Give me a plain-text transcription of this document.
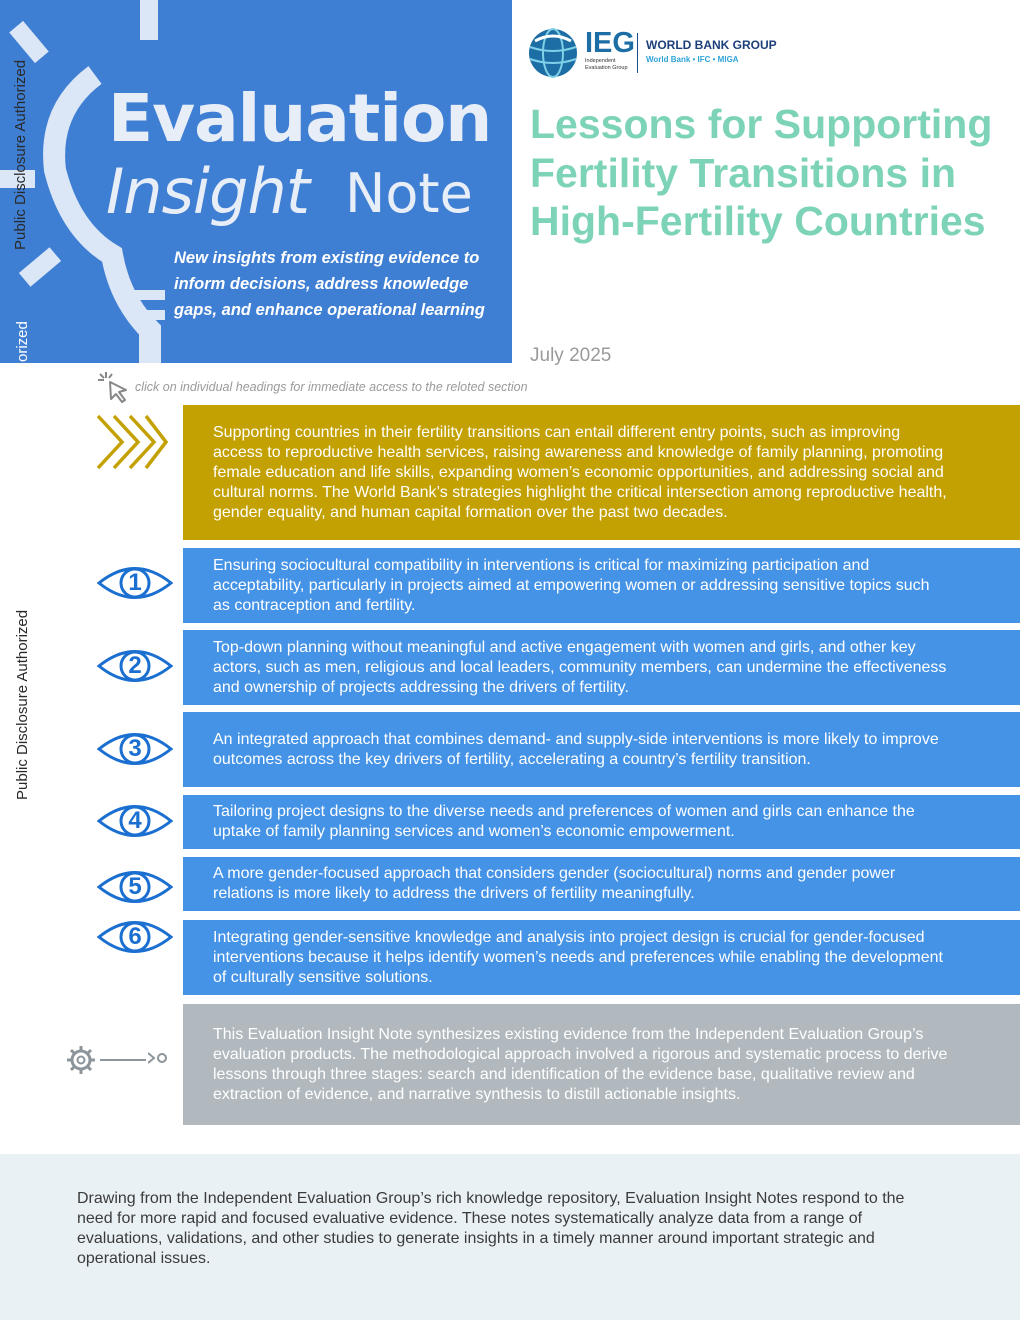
Evaluation
Insight Note
New insights from existing evidence to inform decisions, address knowledge gaps, and enhance operational learning
Public Disclosure Authorized
orized
Public Disclosure Authorized
IEG
Independent Evaluation Group
WORLD BANK GROUP
World Bank • IFC • MIGA
Lessons for Supporting Fertility Transitions in High-Fertility Countries
July 2025
click on individual headings for immediate access to the reloted section
Supporting countries in their fertility transitions can entail different entry points, such as improving access to reproductive health services, raising awareness and knowledge of family planning, promoting female education and life skills, expanding women’s economic opportunities, and addressing social and cultural norms. The World Bank’s strategies highlight the critical intersection among reproductive health, gender equality, and human capital formation over the past two decades.
1
Ensuring sociocultural compatibility in interventions is critical for maximizing participation and acceptability, particularly in projects aimed at empowering women or addressing sensitive topics such as contraception and fertility.
2
Top-down planning without meaningful and active engagement with women and girls, and other key actors, such as men, religious and local leaders, community members, can undermine the effectiveness and ownership of projects addressing the drivers of fertility.
3	An integrated approach that combines demand- and supply-side interventions is more likely to improve outcomes across the key drivers of fertility, accelerating a country’s fertility transition.
4	Tailoring project designs to the diverse needs and preferences of women and girls can enhance the uptake of family planning services and women’s economic empowerment.
5	A more gender-focused approach that considers gender (sociocultural) norms and gender power relations is more likely to address the drivers of fertility meaningfully.
6	Integrating gender-sensitive knowledge and analysis into project design is crucial for gender-focused interventions because it helps identify women’s needs and preferences while enabling the development of culturally sensitive solutions.
This Evaluation Insight Note synthesizes existing evidence from the Independent Evaluation Group’s evaluation products. The methodological approach involved a rigorous and systematic process to derive lessons through three stages: search and identification of the evidence base, qualitative review and extraction of evidence, and narrative synthesis to distill actionable insights.
Drawing from the Independent Evaluation Group’s rich knowledge repository, Evaluation Insight Notes respond to the need for more rapid and focused evaluative evidence. These notes systematically analyze data from a range of evaluations, validations, and other studies to generate insights in a timely manner around important strategic and operational issues.
